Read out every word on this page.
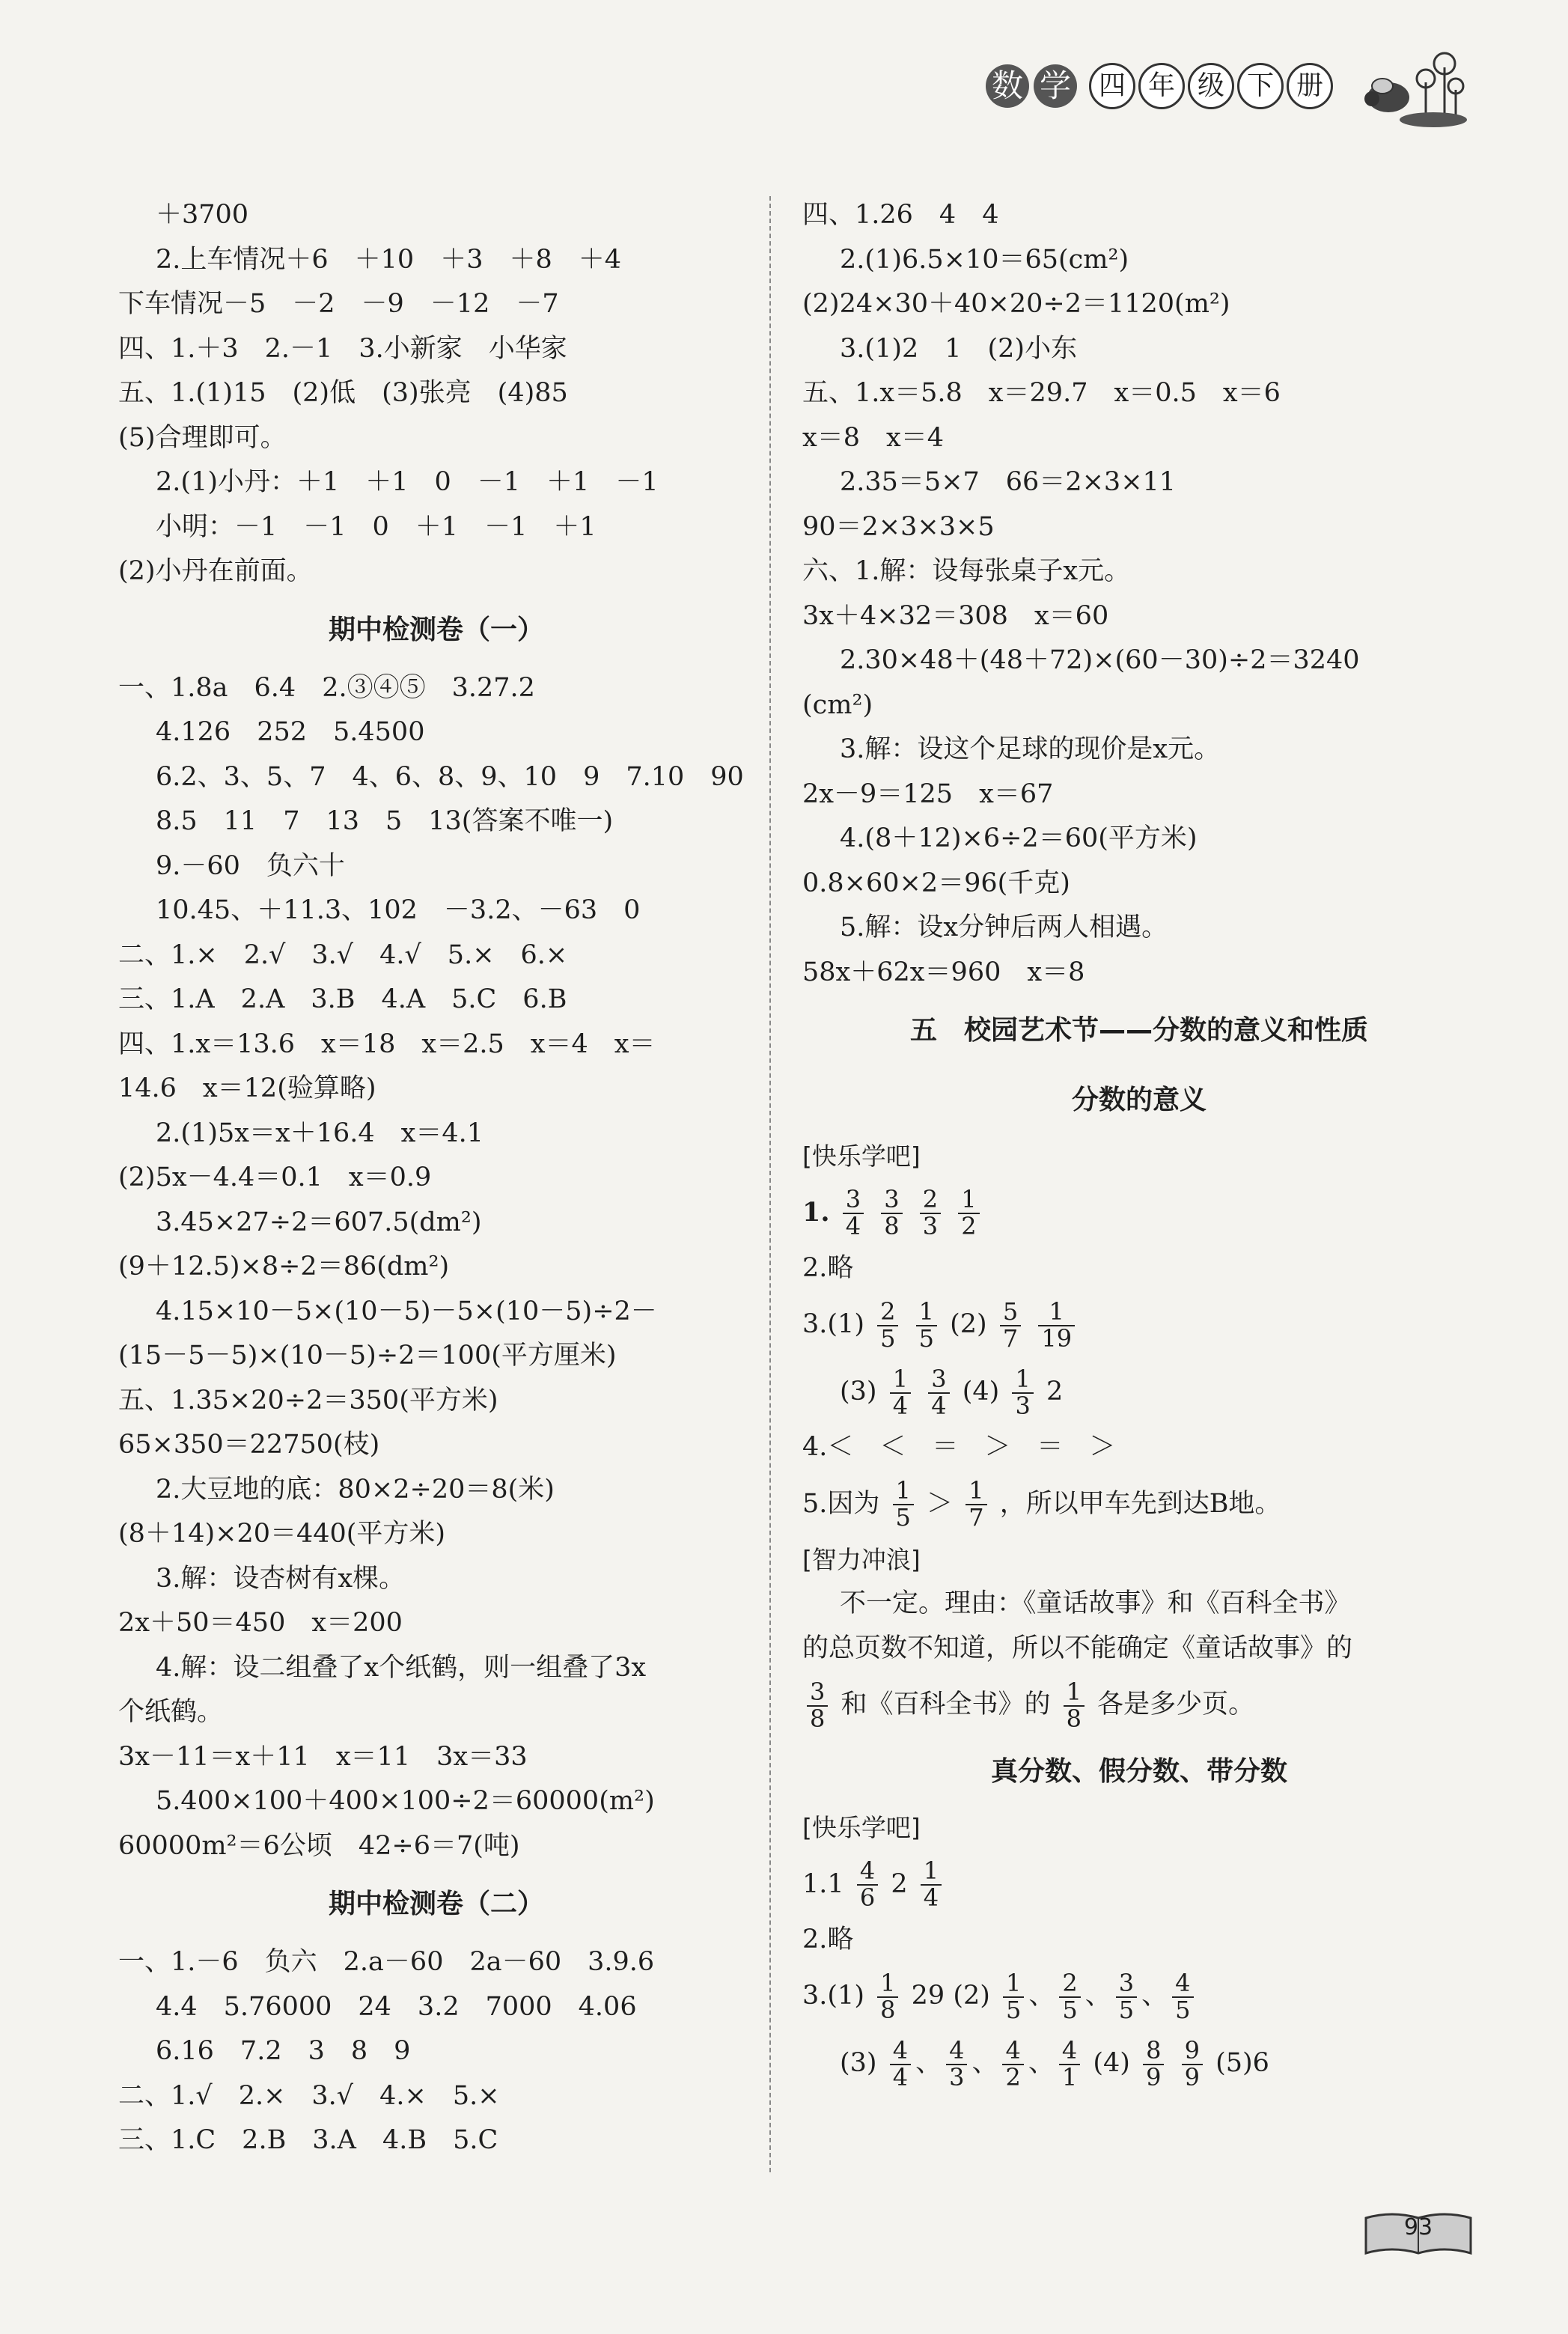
数 学	四 年 级 下 册
＋3700
2.上车情况＋6　＋10　＋3　＋8　＋4
下车情况－5　－2　－9　－12　－7
四、1.＋3　2.－1　3.小新家　小华家
五、1.(1)15　(2)低　(3)张亮　(4)85
(5)合理即可。
2.(1)小丹：＋1　＋1　0　－1　＋1　－1
小明：－1　－1　0　＋1　－1　＋1
(2)小丹在前面。
期中检测卷（一）
一、1.8a　6.4　2.③④⑤　3.27.2
4.126　252　5.4500
6.2、3、5、7　4、6、8、9、10　9　7.10　90
8.5　11　7　13　5　13(答案不唯一)
9.－60　负六十
10.45、＋11.3、102　－3.2、－63　0
二、1.×　2.√　3.√　4.√　5.×　6.×
三、1.A　2.A　3.B　4.A　5.C　6.B
四、1.x＝13.6　x＝18　x＝2.5　x＝4　x＝
14.6　x＝12(验算略)
2.(1)5x＝x＋16.4　x＝4.1
(2)5x－4.4＝0.1　x＝0.9
3.45×27÷2＝607.5(dm²)
(9＋12.5)×8÷2＝86(dm²)
4.15×10－5×(10－5)－5×(10－5)÷2－
(15－5－5)×(10－5)÷2＝100(平方厘米)
五、1.35×20÷2＝350(平方米)
65×350＝22750(枝)
2.大豆地的底：80×2÷20＝8(米)
(8＋14)×20＝440(平方米)
3.解：设杏树有x棵。
2x＋50＝450　x＝200
4.解：设二组叠了x个纸鹤，则一组叠了3x
个纸鹤。
3x－11＝x＋11　x＝11　3x＝33
5.400×100＋400×100÷2＝60000(m²)
60000m²＝6公顷　42÷6＝7(吨)
期中检测卷（二）
一、1.－6　负六　2.a－60　2a－60　3.9.6
4.4　5.76000　24　3.2　7000　4.06
6.16　7.2　3　8　9
二、1.√　2.×　3.√　4.×　5.×
三、1.C　2.B　3.A　4.B　5.C
四、1.26　4　4
2.(1)6.5×10＝65(cm²)
(2)24×30＋40×20÷2＝1120(m²)
3.(1)2　1　(2)小东
五、1.x＝5.8　x＝29.7　x＝0.5　x＝6
x＝8　x＝4
2.35＝5×7　66＝2×3×11
90＝2×3×3×5
六、1.解：设每张桌子x元。
3x＋4×32＝308　x＝60
2.30×48＋(48＋72)×(60－30)÷2＝3240
(cm²)
3.解：设这个足球的现价是x元。
2x－9＝125　x＝67
4.(8＋12)×6÷2＝60(平方米)
0.8×60×2＝96(千克)
5.解：设x分钟后两人相遇。
58x＋62x＝960　x＝8
五　校园艺术节——分数的意义和性质
分数的意义
[快乐学吧]
1. $\frac{3}{4}$
$\frac{3}{8}$
$\frac{2}{3}$
$\frac{1}{2}$
2.略
$3.(1) \frac{2}{5}$
$\frac{1}{5} (2) \frac{5}{7}$
$\frac{1}{19}$
$(3) \frac{1}{4}$
$\frac{3}{4} (4) \frac{1}{3} 2$
4.＜　＜　＝　＞　＝　＞
5.因为 $\frac{1}{5} > \frac{1}{7}$ ，所以甲车先到达B地。
[智力冲浪]
不一定。理由：《童话故事》和《百科全书》
的总页数不知道，所以不能确定《童话故事》的
$\frac{3}{8}$ 和《百科全书》的 $\frac{1}{8}$ 各是多少页。
真分数、假分数、带分数
[快乐学吧]
$1.1 \frac{4}{6} 2 \frac{1}{4}$
2.略
$3.(1) \frac{1}{8} 29$ $(2) \frac{1}{5}$ 、 $\frac{2}{5}$ 、 $\frac{3}{5}$ 、 $\frac{4}{5}$
$(3) \frac{4}{4}$ 、 $\frac{4}{3}$ 、 $\frac{4}{2}$ 、 $\frac{4}{1} (4) \frac{8}{9}$
$\frac{9}{9} (5)6$
93
